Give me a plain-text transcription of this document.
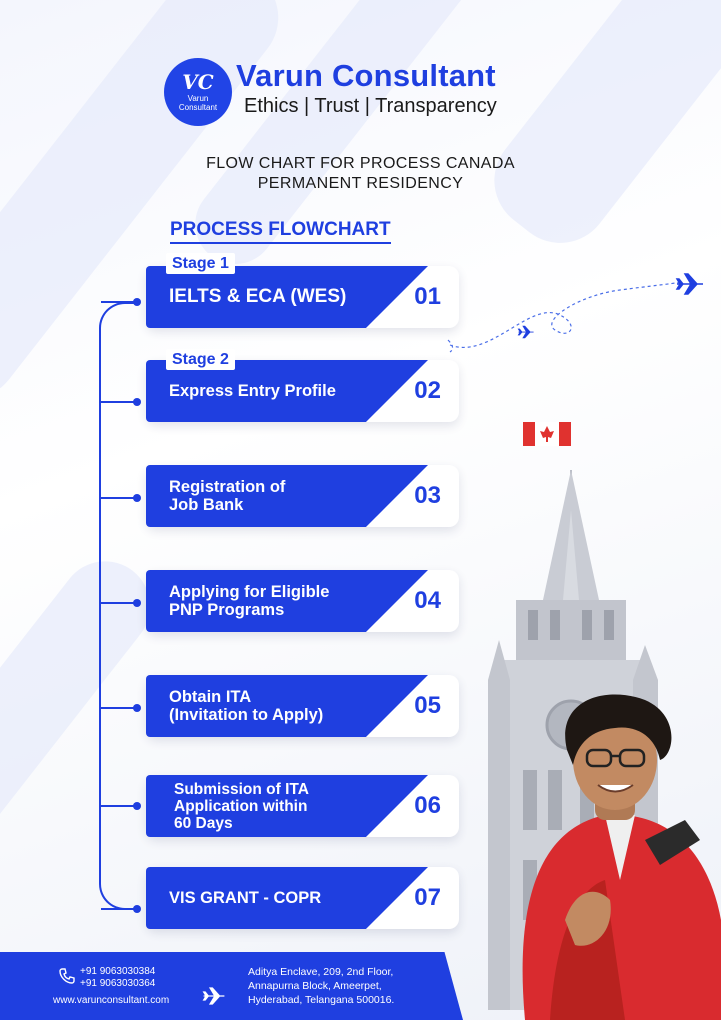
VC
Varun
Consultant
Varun Consultant
Ethics | Trust | Transparency
FLOW CHART FOR PROCESS CANADA
PERMANENT RESIDENCY
PROCESS FLOWCHART
IELTS & ECA (WES)	01
Stage 1
Express Entry Profile	02
Stage 2
Registration of
Job Bank	03
Applying for Eligible
PNP Programs	04
Obtain ITA
(Invitation to Apply)	05
Submission of ITA
Application within
60 Days
06
VIS GRANT - COPR	07
+91 9063030384
+91 9063030364
www.varunconsultant.com
Aditya Enclave, 209, 2nd Floor,
Annapurna Block, Ameerpet,
Hyderabad, Telangana 500016.
